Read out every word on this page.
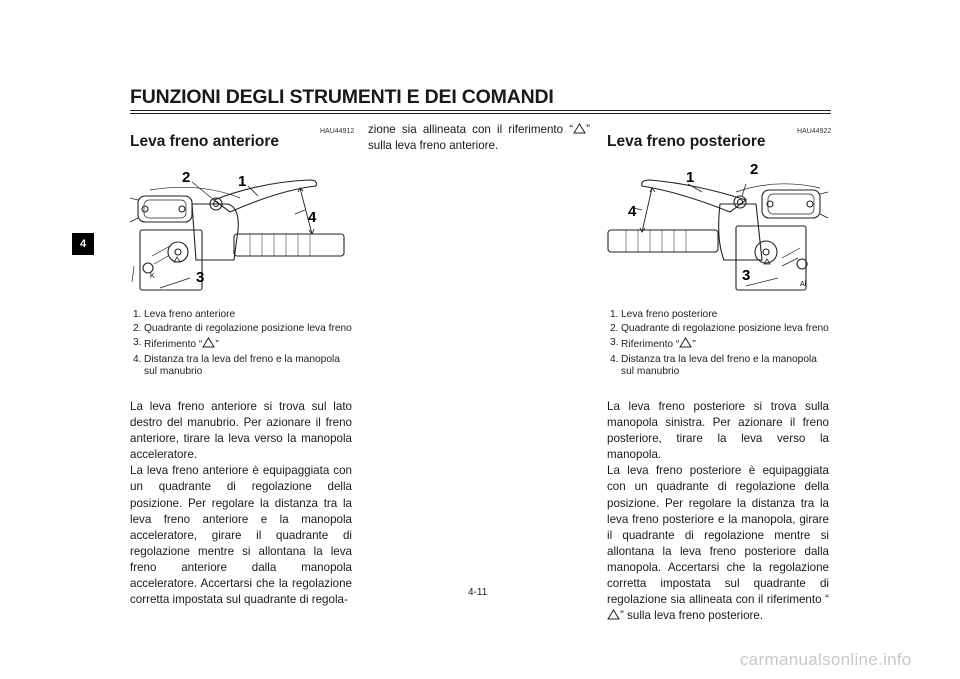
FUNZIONI DEGLI STRUMENTI E DEI COMANDI
4
HAU44912
Leva freno anteriore
K
2	1
4
3
1. Leva freno anteriore
2. Quadrante di regolazione posizione leva freno
3. Riferimento “ ”
4. Distanza tra la leva del freno e la manopola sul manubrio

La leva freno anteriore si trova sul lato destro del manubrio. Per azionare il freno anteriore, tirare la leva verso la manopola acceleratore.

La leva freno anteriore è equipaggiata con un quadrante di regolazione della posizione. Per regolare la distanza tra la leva freno anteriore e la manopola acceleratore, girare il quadrante di regolazione mentre si allontana la leva freno anteriore dalla manopola acceleratore. Accertarsi che la regolazione corretta impostata sul quadrante di regola-

zione sia allineata con il riferimento “ ” sulla leva freno anteriore.

HAU44922
Leva freno posteriore
Al
1	2
4
3
1. Leva freno posteriore
2. Quadrante di regolazione posizione leva freno
3. Riferimento “ ”
4. Distanza tra la leva del freno e la manopola sul manubrio

La leva freno posteriore si trova sulla manopola sinistra. Per azionare il freno posteriore, tirare la leva verso la manopola.

La leva freno posteriore è equipaggiata con un quadrante di regolazione della posizione. Per regolare la distanza tra la leva freno posteriore e la manopola, girare il quadrante di regolazione mentre si allontana la leva freno posteriore dalla manopola. Accertarsi che la regolazione corretta impostata sul quadrante di regolazione sia allineata con il riferimento “” sulla leva freno posteriore.

4-11
carmanualsonline.info
